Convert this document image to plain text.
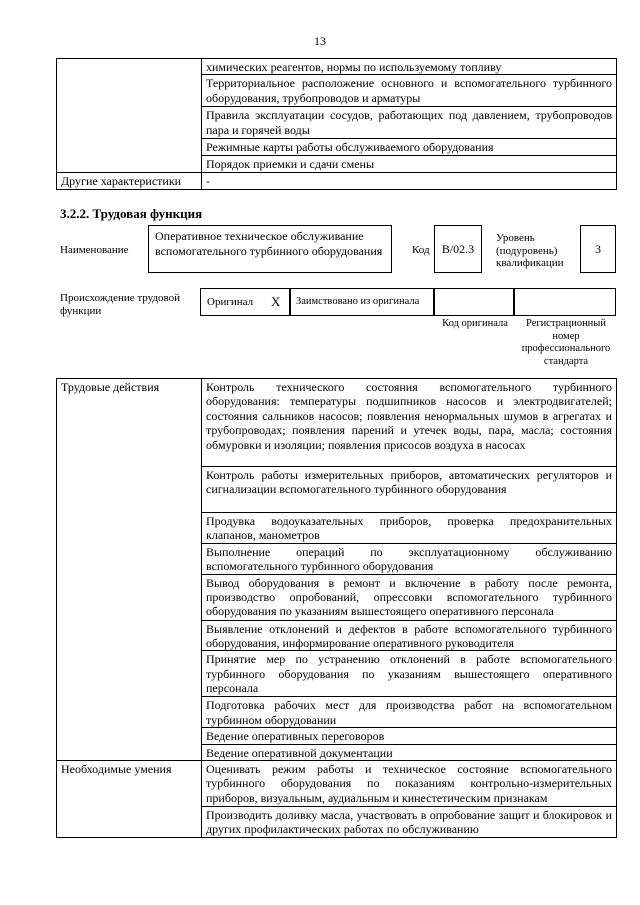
13
	химических реагентов, нормы по используемому топливу
	Территориальное расположение основного и вспомогательного турбинного оборудования, трубопроводов и арматуры
	Правила эксплуатации сосудов, работающих под давлением, трубопроводов пара и горячей воды
	Режимные карты работы обслуживаемого оборудования
	Порядок приемки и сдачи смены
Другие характеристики	-
3.2.2. Трудовая функция
Наименование
Оперативное техническое обслуживание вспомогательного турбинного оборудования	Код B/02.3
Уровень (подуровень) квалификации
3
Происхождение трудовой функции
Оригинал X Заимствовано из оригинала
Код оригинала	Регистрационный номер профессионального стандарта
Трудовые действия	Контроль технического состояния вспомогательного турбинного оборудования: температуры подшипников насосов и электродвигателей; состояния сальников насосов; появления ненормальных шумов в агрегатах и трубопроводах; появления парений и утечек воды, пара, масла; состояния обмуровки и изоляции; появления присосов воздуха в насосах
	Контроль работы измерительных приборов, автоматических регуляторов и сигнализации вспомогательного турбинного оборудования
	Продувка водоуказательных приборов, проверка предохранительных клапанов, манометров
	Выполнение операций по эксплуатационному обслуживанию вспомогательного турбинного оборудования
	Вывод оборудования в ремонт и включение в работу после ремонта, производство опробований, опрессовки вспомогательного турбинного оборудования по указаниям вышестоящего оперативного персонала
	Выявление отклонений и дефектов в работе вспомогательного турбинного оборудования, информирование оперативного руководителя
	Принятие мер по устранению отклонений в работе вспомогательного турбинного оборудования по указаниям вышестоящего оперативного персонала
	Подготовка рабочих мест для производства работ на вспомогательном турбинном оборудовании
	Ведение оперативных переговоров
	Ведение оперативной документации
Необходимые умения	Оценивать режим работы и техническое состояние вспомогательного турбинного оборудования по показаниям контрольно-измерительных приборов, визуальным, аудиальным и кинестетическим признакам
	Производить доливку масла, участвовать в опробование защит и блокировок и других профилактических работах по обслуживанию
